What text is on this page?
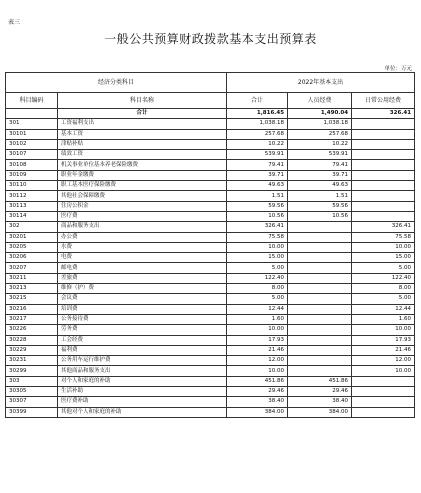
表三
一般公共预算财政拨款基本支出预算表
单位：万元
经济分类科目		2022年基本支出		
科目编码	科目名称	合计	人员经费	日常公用经费
	合计	1,816.45	1,490.04	326.41
301	工资福利支出	1,038.18	1,038.18	
30101	基本工资	257.68	257.68	
30102	津贴补贴	10.22	10.22	
30107	绩效工资	539.91	539.91	
30108	机关事业单位基本养老保险缴费	79.41	79.41	
30109	职业年金缴费	39.71	39.71	
30110	职工基本医疗保险缴费	49.63	49.63	
30112	其他社会保障缴费	1.51	1.51	
30113	住房公积金	59.56	59.56	
30114	医疗费	10.56	10.56	
302	商品和服务支出	326.41		326.41
30201	办公费	75.58		75.58
30205	水费	10.00		10.00
30206	电费	15.00		15.00
30207	邮电费	5.00		5.00
30211	差旅费	122.40		122.40
30213	维修（护）费	8.00		8.00
30215	会议费	5.00		5.00
30216	培训费	12.44		12.44
30217	公务接待费	1.60		1.60
30226	劳务费	10.00		10.00
30228	工会经费	17.93		17.93
30229	福利费	21.46		21.46
30231	公务用车运行维护费	12.00		12.00
30299	其他商品和服务支出	10.00		10.00
303	对个人和家庭的补助	451.86	451.86	
30305	生活补助	29.46	29.46	
30307	医疗费补助	38.40	38.40	
30399	其他对个人和家庭的补助	384.00	384.00	
